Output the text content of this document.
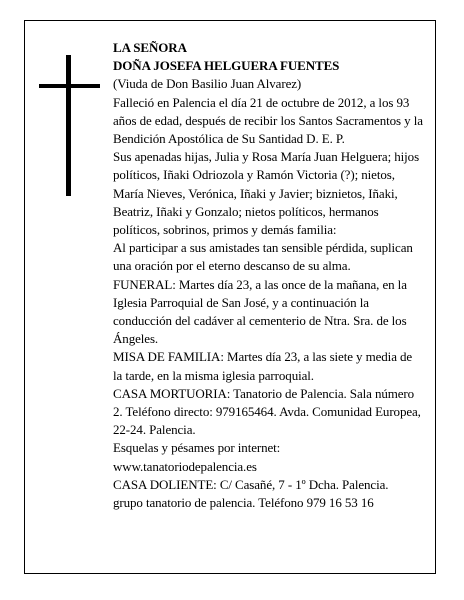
LA SEÑORA

DOÑA JOSEFA HELGUERA FUENTES

(Viuda de Don Basilio Juan Alvarez)

Falleció en Palencia el día 21 de octubre de 2012, a los 93 años de edad, después de recibir los Santos Sacramentos y la Bendición Apostólica de Su Santidad D. E. P.

Sus apenadas hijas, Julia y Rosa María Juan Helguera; hijos políticos, Iñaki Odriozola y Ramón Victoria (?); nietos, María Nieves, Verónica, Iñaki y Javier; biznietos, Iñaki, Beatriz, Iñaki y Gonzalo; nietos políticos, hermanos políticos, sobrinos, primos y demás familia:

Al participar a sus amistades tan sensible pérdida, suplican una oración por el eterno descanso de su alma.

FUNERAL: Martes día 23, a las once de la mañana, en la Iglesia Parroquial de San José, y a continuación la conducción del cadáver al cementerio de Ntra. Sra. de los Ángeles.

MISA DE FAMILIA: Martes día 23, a las siete y media de la tarde, en la misma iglesia parroquial.

CASA MORTUORIA: Tanatorio de Palencia. Sala número 2. Teléfono directo: 979165464. Avda. Comunidad Europea, 22-24. Palencia.

Esquelas y pésames por internet:

www.tanatoriodepalencia.es

CASA DOLIENTE: C/ Casañé, 7 - 1º Dcha. Palencia.

grupo tanatorio de palencia. Teléfono 979 16 53 16
